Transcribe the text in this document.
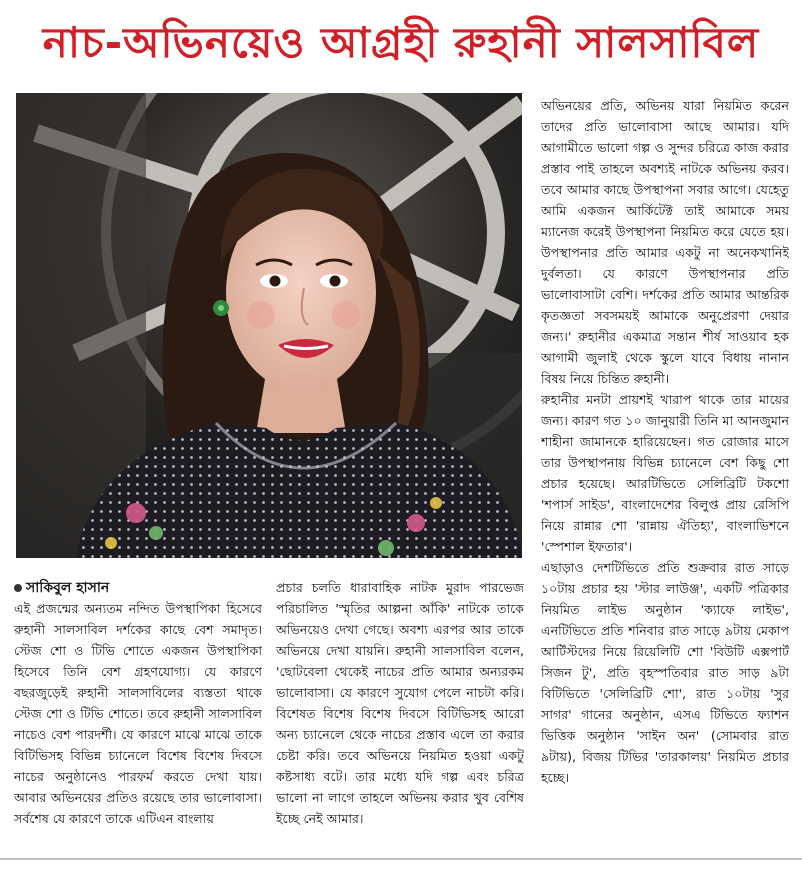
নাচ-অভিনয়েও আগ্রহী রুহানী সালসাবিল
সাকিবুল হাসান

এই প্রজন্মের অন্যতম নন্দিত উপস্থাপিকা হিসেবে রুহানী সালসাবিল দর্শকের কাছে বেশ সমাদৃত। স্টেজ শো ও টিভি শোতে একজন উপস্থাপিকা হিসেবে তিনি বেশ গ্রহণযোগ্য। যে কারণে বছরজুড়েই রুহানী সালসাবিলের ব্যস্ততা থাকে স্টেজ শো ও টিভি শোতে। তবে রুহানী সালসাবিল নাচেও বেশ পারদর্শী। যে কারণে মাঝে মাঝে তাকে বিটিভিসহ বিভিন্ন চ্যানেলে বিশেষ বিশেষ দিবসে নাচের অনুষ্ঠানেও পারফর্ম করতে দেখা যায়। আবার অভিনয়ের প্রতিও রয়েছে তার ভালোবাসা। সর্বশেষ যে কারণে তাকে এটিএন বাংলায়

প্রচার চলতি ধারাবাহিক নাটক মুরাদ পারভেজ পরিচালিত 'স্মৃতির আল্পনা আঁকি' নাটকে তাকে অভিনয়েও দেখা গেছে। অবশ্য এরপর আর তাকে অভিনয়ে দেখা যায়নি। রুহানী সালসাবিল বলেন, 'ছোটবেলা থেকেই নাচের প্রতি আমার অন্যরকম ভালোবাসা। যে কারণে সুযোগ পেলে নাচটা করি। বিশেষত বিশেষ বিশেষ দিবসে বিটিভিসহ আরো অন্য চ্যানেলে থেকে নাচের প্রস্তাব এলে তা করার চেষ্টা করি। তবে অভিনয়ে নিয়মিত হওয়া একটু কষ্টসাধ্য বটে। তার মধ্যে যদি গল্প এবং চরিত্র ভালো না লাগে তাহলে অভিনয় করার খুব বেশিষ ইচ্ছে নেই আমার।

অভিনয়ের প্রতি, অভিনয় যারা নিয়মিত করেন তাদের প্রতি ভালোবাসা আছে আমার। যদি আগামীতে ভালো গল্প ও সুন্দর চরিত্রে কাজ করার প্রস্তাব পাই তাহলে অবশ্যই নাটকে অভিনয় করব। তবে আমার কাছে উপস্থাপনা সবার আগে। যেহেতু আমি একজন আর্কিটেক্ট তাই আমাকে সময় ম্যানেজ করেই উপস্থাপনা নিয়মিত করে যেতে হয়। উপস্থাপনার প্রতি আমার একটু না অনেকখানিই দুর্বলতা। যে কারণে উপস্থাপনার প্রতি ভালোবাসাটা বেশি। দর্শকের প্রতি আমার আন্তরিক কৃতজ্ঞতা সবসময়ই আমাকে অনুপ্রেরণা দেয়ার জন্য।' রুহানীর একমাত্র সন্তান শীর্ষ সাওয়াব হক আগামী জুলাই থেকে স্কুলে যাবে বিধায় নানান বিষয় নিয়ে চিন্তিত রুহানী।

রুহানীর মনটা প্রায়শই খারাপ থাকে তার মায়ের জন্য। কারণ গত ১০ জানুয়ারী তিনি মা আনজুমান শাহীনা জামানকে হারিয়েছেন। গত রোজার মাসে তার উপস্থাপনায় বিভিন্ন চ্যানেলে বেশ কিছু শো প্রচার হয়েছে। আরটিভিতে সেলিব্রিটি টকশো 'শপার্স সাইড', বাংলাদেশের বিলুপ্ত প্রায় রেসিপি নিয়ে রান্নার শো 'রান্নায় ঐতিহ্য', বাংলাভিশনে 'স্পেশাল ইফতার'।

এছাড়াও দেশটিভিতে প্রতি শুক্রবার রাত সাড়ে ১০টায় প্রচার হয় 'স্টার লাউঞ্জ', একটি পত্রিকার নিয়মিত লাইভ অনুষ্ঠান 'ক্যাফে লাইভ', এনটিভিতে প্রতি শনিবার রাত সাড়ে ৯টায় মেকাপ আর্টিস্টদের নিয়ে রিয়েলিটি শো 'বিউটি এক্সপার্ট সিজন টু', প্রতি বৃহস্পতিবার রাত সাড় ৯টা বিটিভিতে 'সেলিব্রিটি শো', রাত ১০টায় 'সুর সাগর' গানের অনুষ্ঠান, এসএ টিভিতে ফ্যাশন ভিত্তিক অনুষ্ঠান 'সাইন অন' (সোমবার রাত ৯টায়), বিজয় টিভির 'তারকালয়' নিয়মিত প্রচার হচ্ছে।
